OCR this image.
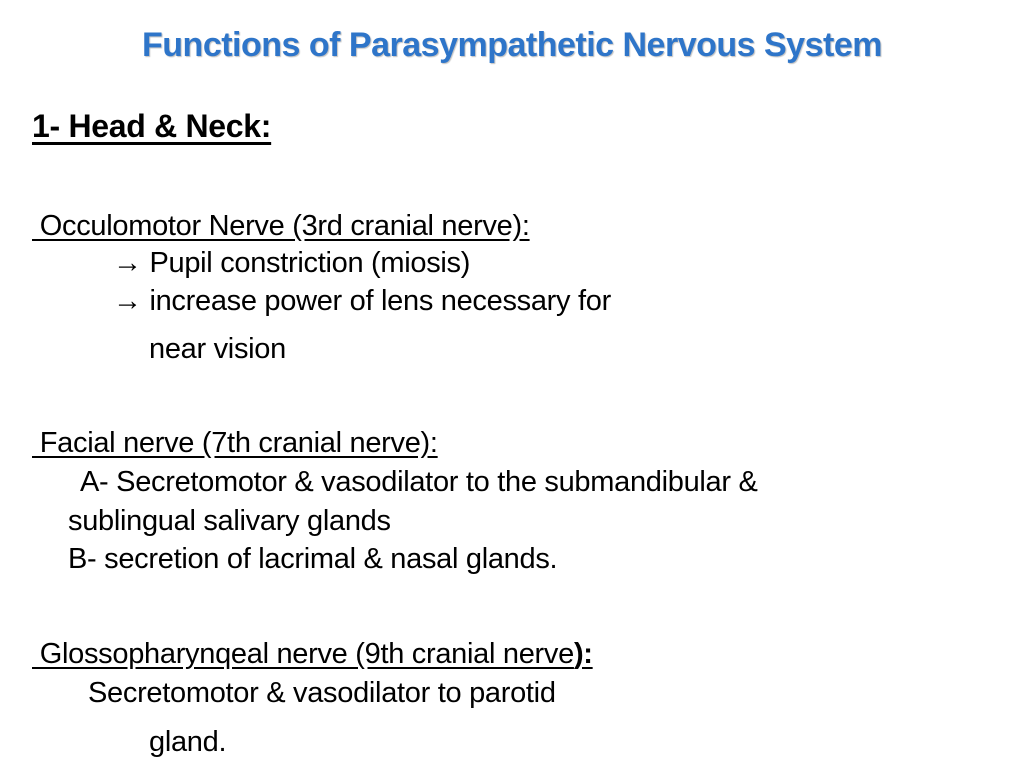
Functions of Parasympathetic Nervous System
1- Head & Neck:
Occulomotor Nerve (3rd cranial nerve):
→ Pupil constriction (miosis)
→ increase power of lens necessary for
near vision
Facial nerve (7th cranial nerve):
A- Secretomotor & vasodilator to the submandibular &
sublingual salivary glands
B- secretion of lacrimal & nasal glands.
Glossopharynqeal nerve (9th cranial nerve):
Secretomotor & vasodilator to parotid
gland.
